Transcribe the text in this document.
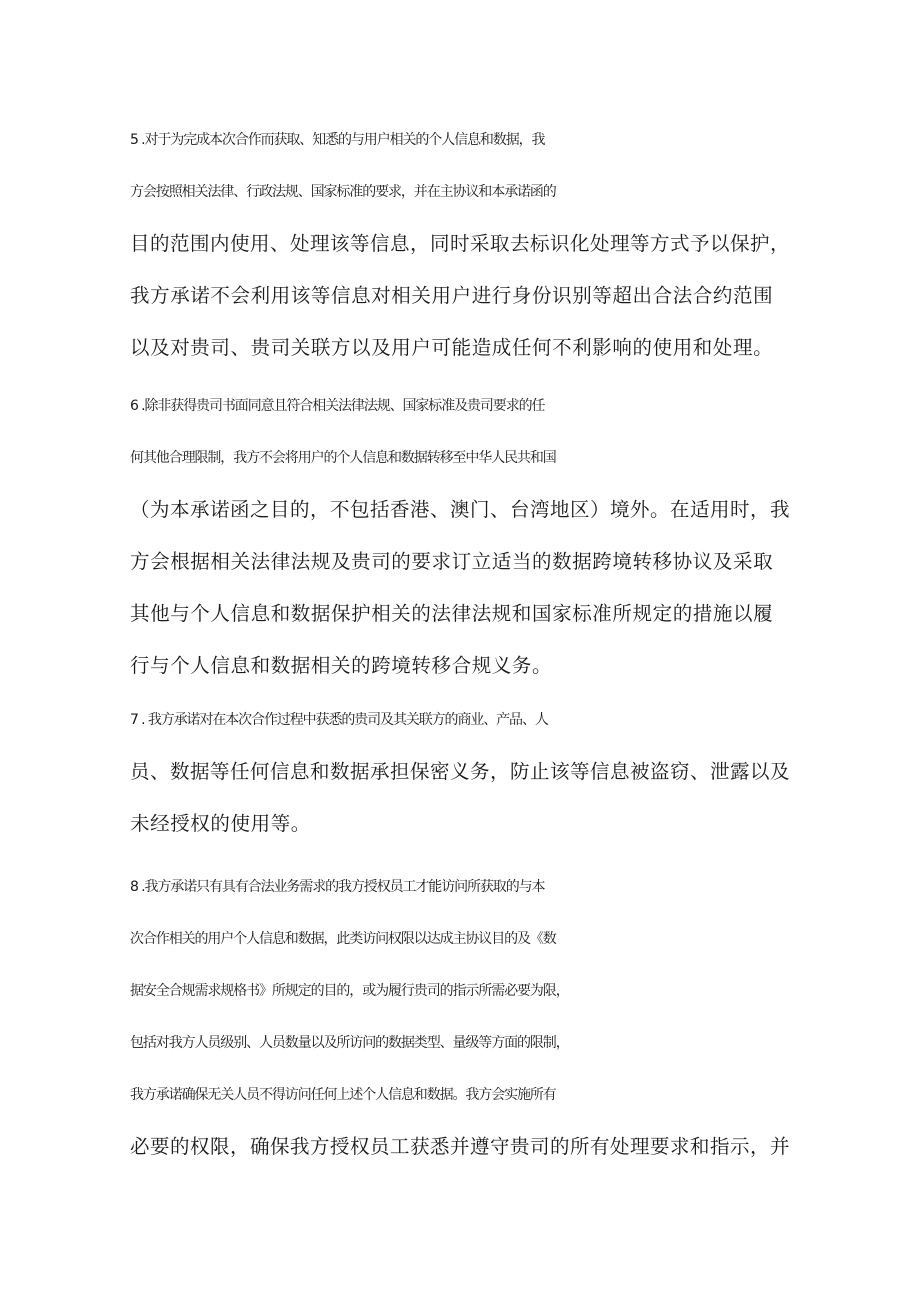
5 .对于为完成本次合作而获取、知悉的与用户相关的个人信息和数据，我
方会按照相关法律、行政法规、国家标准的要求，并在主协议和本承诺函的
目的范围内使用、处理该等信息，同时采取去标识化处理等方式予以保护，
我方承诺不会利用该等信息对相关用户进行身份识别等超出合法合约范围
以及对贵司、贵司关联方以及用户可能造成任何不利影响的使用和处理。
6 .除非获得贵司书面同意且符合相关法律法规、国家标准及贵司要求的任
何其他合理限制，我方不会将用户的个人信息和数据转移至中华人民共和国
（为本承诺函之目的，不包括香港、澳门、台湾地区）境外。在适用时，我
方会根据相关法律法规及贵司的要求订立适当的数据跨境转移协议及采取
其他与个人信息和数据保护相关的法律法规和国家标准所规定的措施以履
行与个人信息和数据相关的跨境转移合规义务。
7 . 我方承诺对在本次合作过程中获悉的贵司及其关联方的商业、产品、人
员、数据等任何信息和数据承担保密义务，防止该等信息被盗窃、泄露以及
未经授权的使用等。
8 .我方承诺只有具有合法业务需求的我方授权员工才能访问所获取的与本
次合作相关的用户个人信息和数据，此类访问权限以达成主协议目的及《数
据安全合规需求规格书》所规定的目的，或为履行贵司的指示所需必要为限，
包括对我方人员级别、人员数量以及所访问的数据类型、量级等方面的限制，
我方承诺确保无关人员不得访问任何上述个人信息和数据。我方会实施所有
必要的权限，确保我方授权员工获悉并遵守贵司的所有处理要求和指示，并
